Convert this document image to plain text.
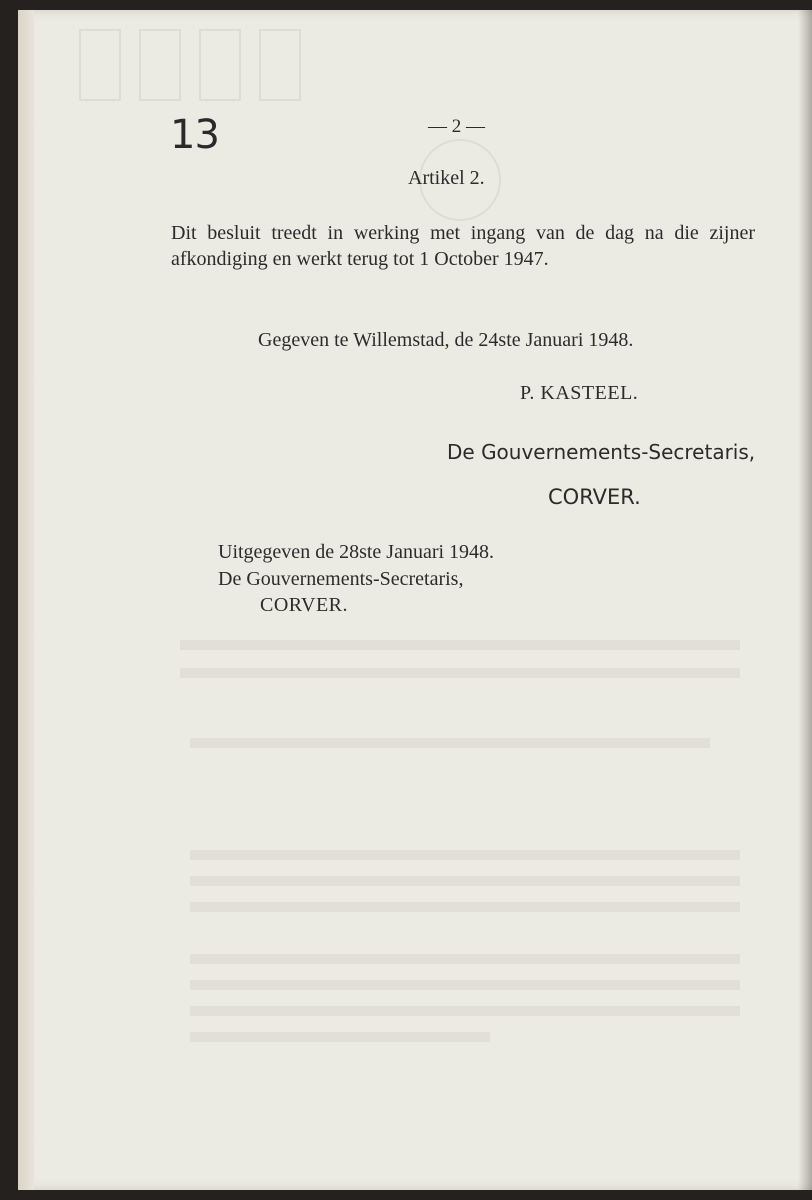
13	— 2 —
Artikel 2.

Dit besluit treedt in werking met ingang van de dag na die zijner afkondiging en werkt terug tot 1 October 1947.

Gegeven te Willemstad, de 24ste Januari 1948.
P. KASTEEL.
De Gouvernements-Secretaris,
CORVER.
Uitgegeven de 28ste Januari 1948.
De Gouvernements-Secretaris,
CORVER.
